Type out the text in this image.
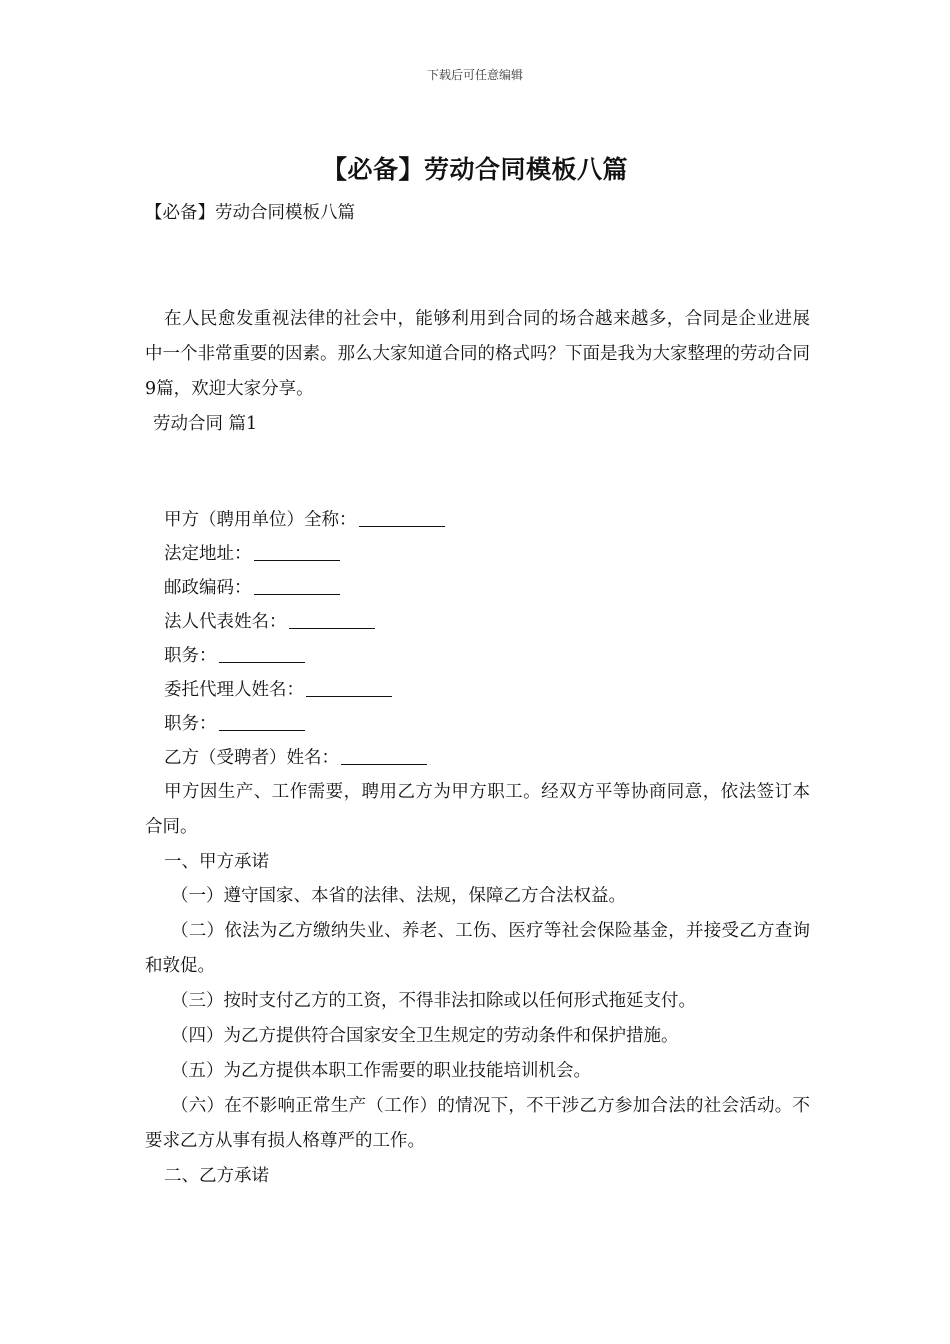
下载后可任意编辑
【必备】劳动合同模板八篇
【必备】劳动合同模板八篇

在人民愈发重视法律的社会中，能够利用到合同的场合越来越多，合同是企业进展中一个非常重要的因素。那么大家知道合同的格式吗？下面是我为大家整理的劳动合同9篇，欢迎大家分享。

劳动合同 篇1
甲方（聘用单位）全称：
法定地址：
邮政编码：
法人代表姓名：
职务：
委托代理人姓名：
职务：
乙方（受聘者）姓名：

甲方因生产、工作需要，聘用乙方为甲方职工。经双方平等协商同意，依法签订本合同。

一、甲方承诺

（一）遵守国家、本省的法律、法规，保障乙方合法权益。

（二）依法为乙方缴纳失业、养老、工伤、医疗等社会保险基金，并接受乙方查询和敦促。

（三）按时支付乙方的工资，不得非法扣除或以任何形式拖延支付。

（四）为乙方提供符合国家安全卫生规定的劳动条件和保护措施。

（五）为乙方提供本职工作需要的职业技能培训机会。

（六）在不影响正常生产（工作）的情况下，不干涉乙方参加合法的社会活动。不要求乙方从事有损人格尊严的工作。

二、乙方承诺
